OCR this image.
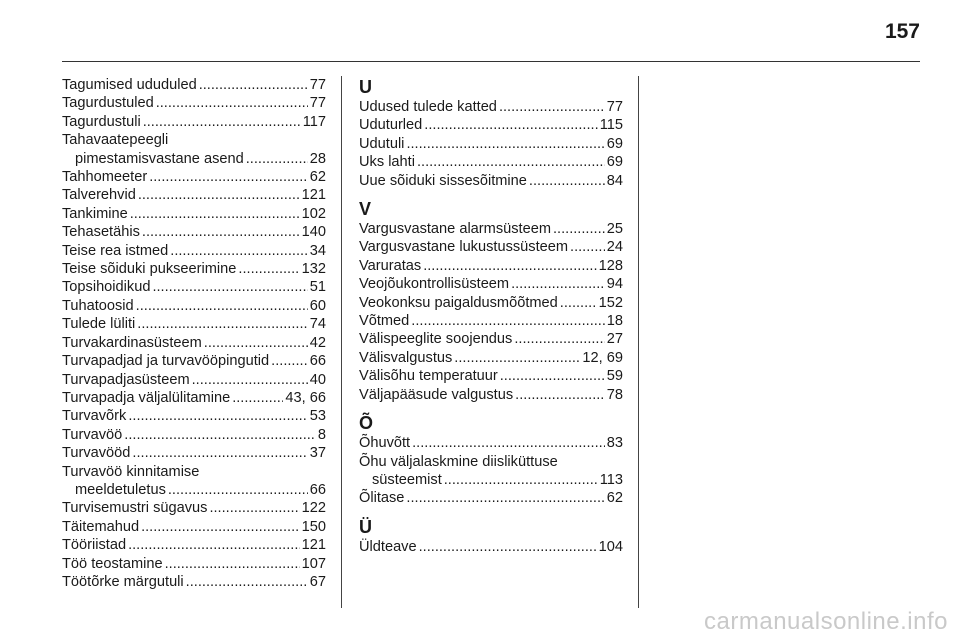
157
Tagumised ududuled .....	77
Tagurdustuled .....	77
Tagurdustuli .....	117
Tahavaatepeegli
pimestamisvastane asend .....	28
Tahhomeeter .....	62
Talverehvid .....	121
Tankimine .....	102
Tehasetähis .....	140
Teise rea istmed .....	34
Teise sõiduki pukseerimine .....	132
Topsihoidikud .....	51
Tuhatoosid .....	60
Tulede lüliti .....	74
Turvakardinasüsteem .....	42
Turvapadjad ja turvavööpingutid .....	66
Turvapadjasüsteem .....	40
Turvapadja väljalülitamine .....	43, 66
Turvavõrk .....	53
Turvavöö .....	8
Turvavööd .....	37
Turvavöö kinnitamise
meeldetuletus .....	66
Turvisemustri sügavus .....	122
Täitemahud .....	150
Tööriistad .....	121
Töö teostamine .....	107
Töötõrke märgutuli .....	67
U
Udused tulede katted .....	77
Uduturled .....	115
Udutuli .....	69
Uks lahti .....	69
Uue sõiduki sissesõitmine .....	84
V
Vargusvastane alarmsüsteem .....	25
Vargusvastane lukustussüsteem .....	24
Varuratas .....	128
Veojõukontrollisüsteem .....	94
Veokonksu paigaldusmõõtmed .....	152
Võtmed .....	18
Välispeeglite soojendus .....	27
Välisvalgustus .....	12, 69
Välisõhu temperatuur .....	59
Väljapääsude valgustus .....	78
Õ
Õhuvõtt .....	83
Õhu väljalaskmine diisliküttuse
süsteemist .....	113
Õlitase .....	62
Ü
Üldteave .....	104
carmanualsonline.info
